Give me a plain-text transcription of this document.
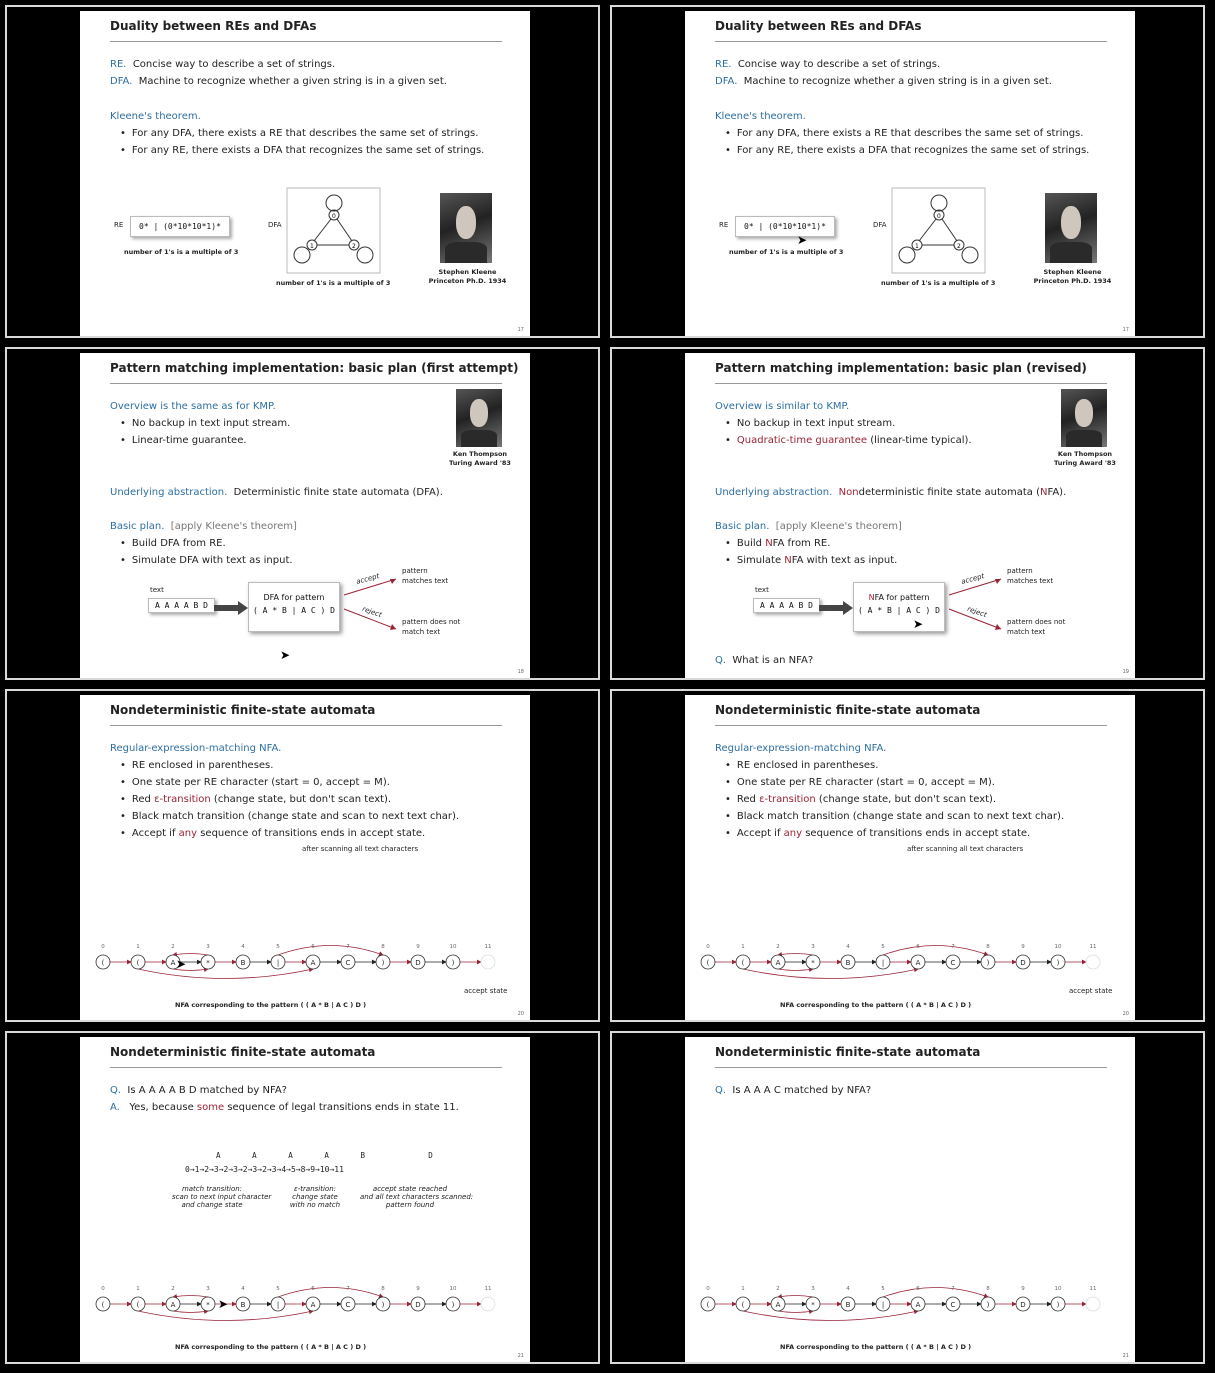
Duality between REs and DFAs
RE. Concise way to describe a set of strings.
DFA. Machine to recognize whether a given string is in a given set.
Kleene's theorem.
• For any DFA, there exists a RE that describes the same set of strings.
• For any RE, there exists a DFA that recognizes the same set of strings.
RE	0* | (0*10*10*1)*
number of 1's is a multiple of 3
DFA
0
1	2
number of 1's is a multiple of 3
Stephen Kleene
Princeton Ph.D. 1934
17
Duality between REs and DFAs
RE. Concise way to describe a set of strings.
DFA. Machine to recognize whether a given string is in a given set.
Kleene's theorem.
• For any DFA, there exists a RE that describes the same set of strings.
• For any RE, there exists a DFA that recognizes the same set of strings.
RE	0* | (0*10*10*1)*
➤
number of 1's is a multiple of 3
DFA
0
1	2
number of 1's is a multiple of 3
Stephen Kleene
Princeton Ph.D. 1934
17
Pattern matching implementation: basic plan (first attempt)
Overview is the same as for KMP.
• No backup in text input stream.
• Linear-time guarantee.
Ken Thompson
Turing Award '83
Underlying abstraction. Deterministic finite state automata (DFA).
Basic plan. [apply Kleene's theorem]
• Build DFA from RE.
• Simulate DFA with text as input.
text
A A A A B D
DFA for pattern
( A * B | A C ) D
accept
reject
pattern
matches text
pattern does not
match text
➤
18
Pattern matching implementation: basic plan (revised)
Overview is similar to KMP.
• No backup in text input stream.
• Quadratic-time guarantee (linear-time typical).
Ken Thompson
Turing Award '83
Underlying abstraction. Nondeterministic finite state automata (NFA).
Basic plan. [apply Kleene's theorem]
• Build NFA from RE.
• Simulate NFA with text as input.
text
A A A A B D
NFA for pattern
( A * B | A C ) D
➤
accept
reject
pattern
matches text
pattern does not
match text
Q. What is an NFA?
19
Nondeterministic finite-state automata
Regular-expression-matching NFA.
• RE enclosed in parentheses.
• One state per RE character (start = 0, accept = M).
• Red ε-transition (change state, but don't scan text).
• Black match transition (change state and scan to next text char).
• Accept if any sequence of transitions ends in accept state.
after scanning all text characters
(
0
(
1
A
2
*
3
B
4
|
5
A
6
C
7
)
8
D
9
)
10	11
accept state
NFA corresponding to the pattern ( ( A * B | A C ) D )
➤
20
Nondeterministic finite-state automata
Regular-expression-matching NFA.
• RE enclosed in parentheses.
• One state per RE character (start = 0, accept = M).
• Red ε-transition (change state, but don't scan text).
• Black match transition (change state and scan to next text char).
• Accept if any sequence of transitions ends in accept state.
after scanning all text characters
(
0
(
1
A
2
*
3
B
4
|
5
A
6
C
7
)
8
D
9
)
10	11
accept state
NFA corresponding to the pattern ( ( A * B | A C ) D )
20
Nondeterministic finite-state automata
Q. Is A A A A B D matched by NFA?
A. Yes, because some sequence of legal transitions ends in state 11.
A       A       A       A       B              D
0→1→2→3→2→3→2→3→2→3→4→5→8→9→10→11
match transition:
scan to next input character
and change state
ε-transition:
change state
with no match
accept state reached
and all text characters scanned:
pattern found
(
0
(
1
A
2
*
3
B
4
|
5
A
6
C
7
)
8
D
9
)
10	11
NFA corresponding to the pattern ( ( A * B | A C ) D )
➤
21
Nondeterministic finite-state automata
Q. Is A A A C matched by NFA?
(
0
(
1
A
2
*
3
B
4
|
5
A
6
C
7
)
8
D
9
)
10	11
NFA corresponding to the pattern ( ( A * B | A C ) D )
21
